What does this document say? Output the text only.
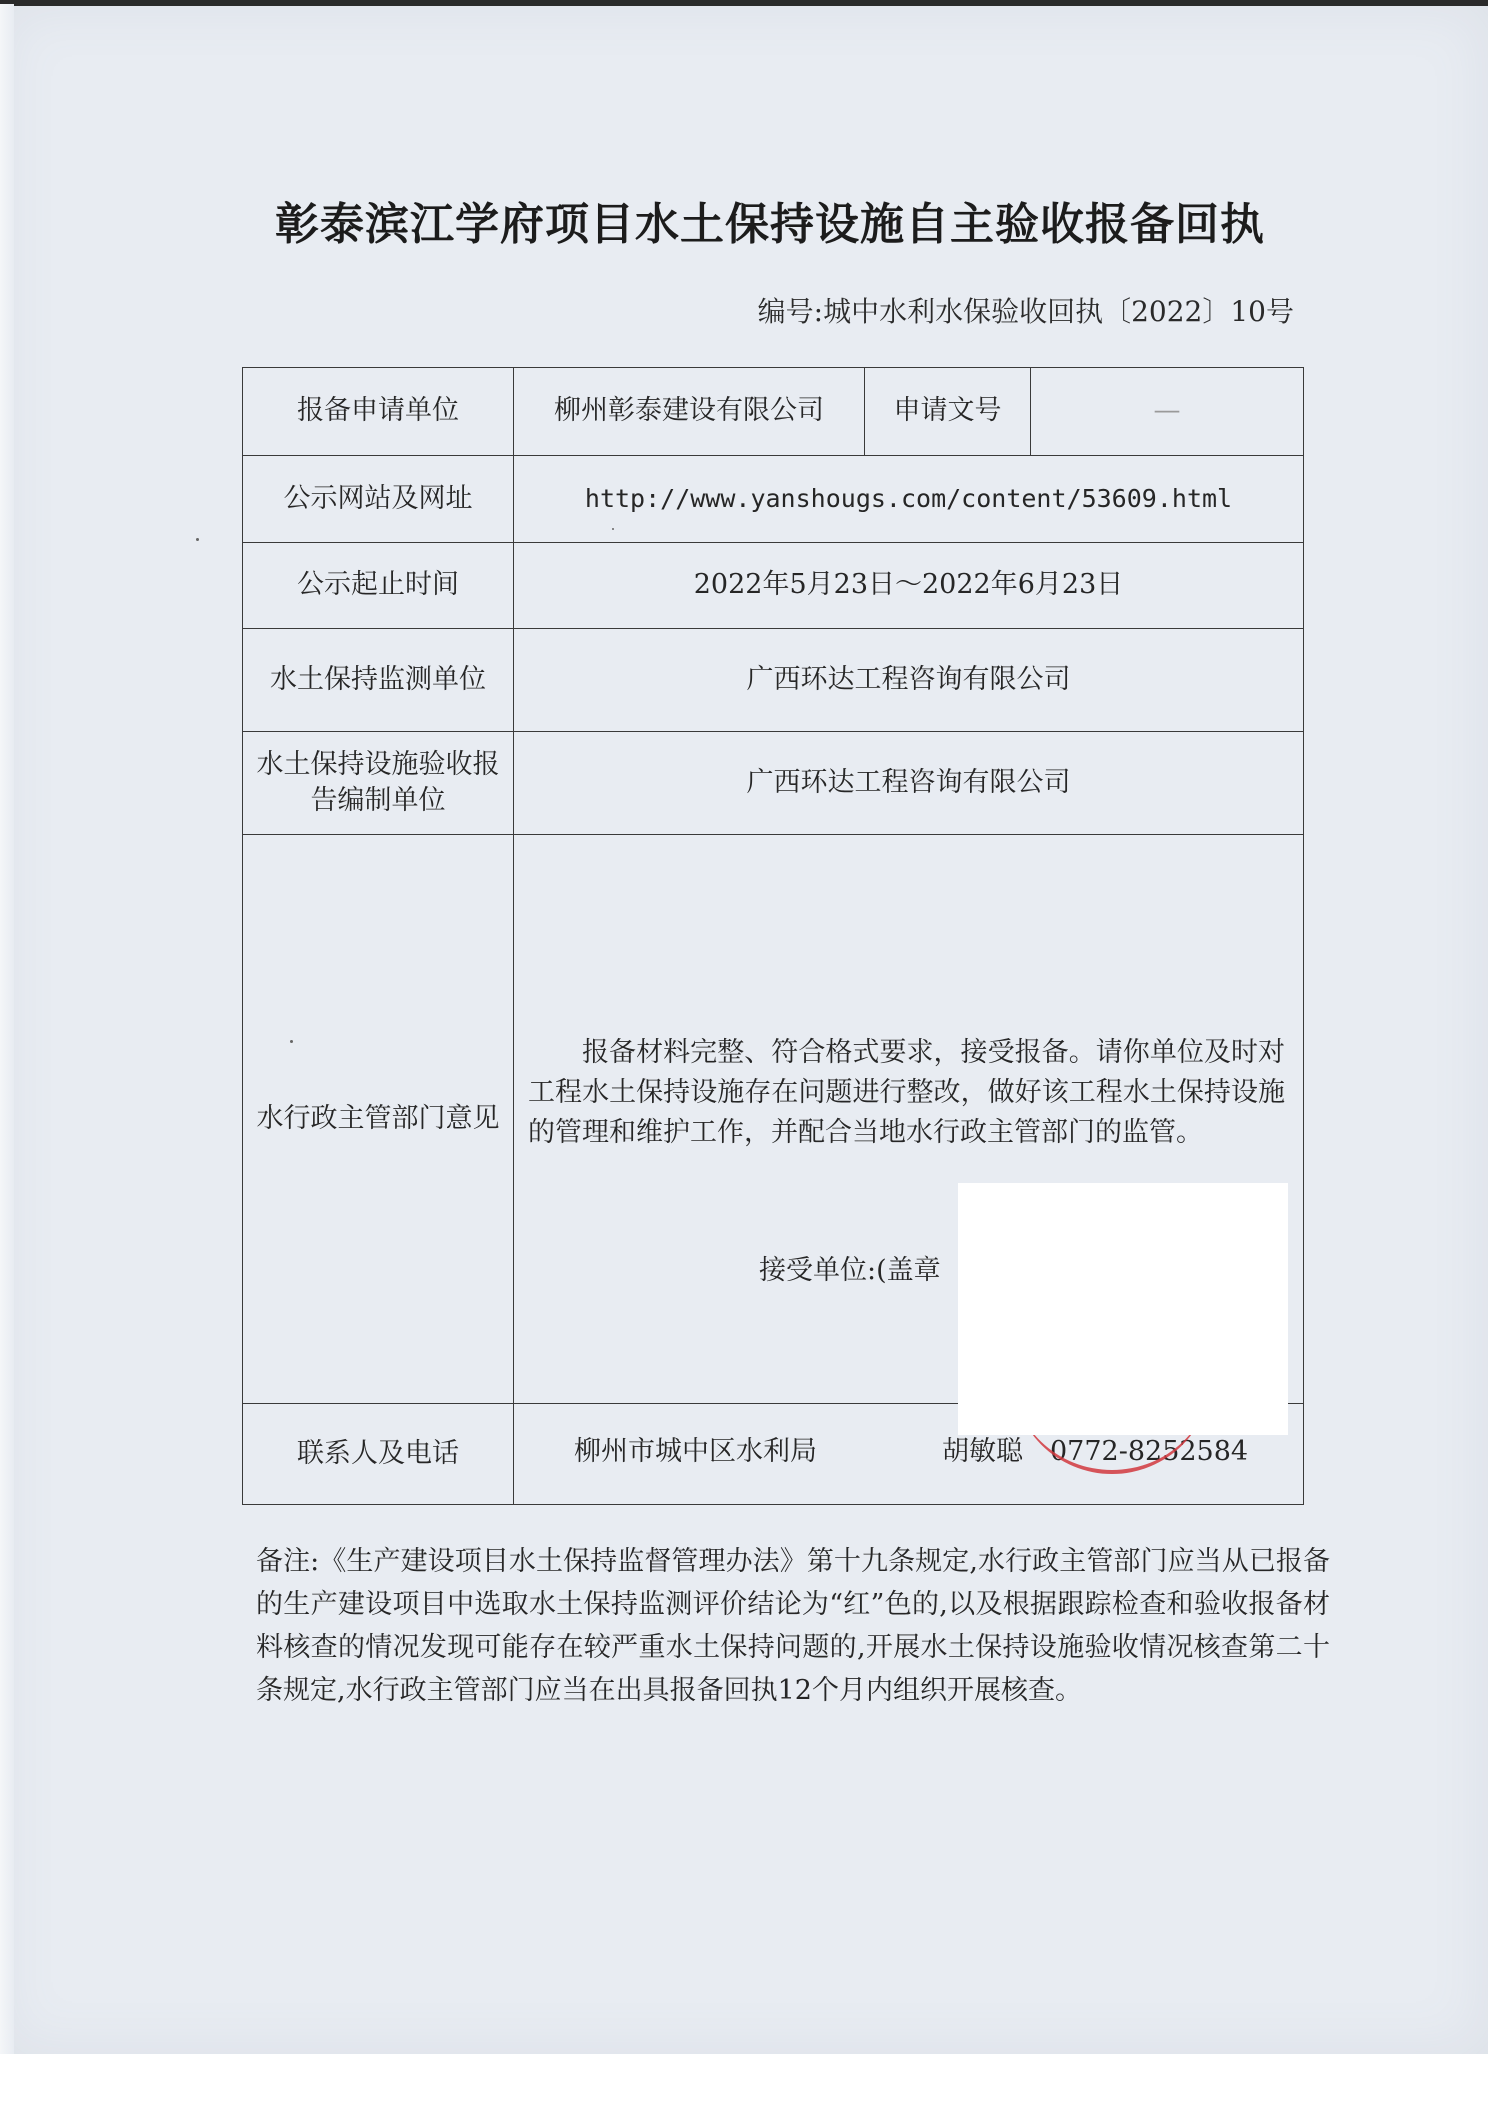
彰泰滨江学府项目水土保持设施自主验收报备回执
编号:城中水利水保验收回执〔2022〕10号
报备申请单位	柳州彰泰建设有限公司	申请文号	—
公示网站及网址	http://www.yanshougs.com/content/53609.html		
公示起止时间	2022年5月23日～2022年6月23日		
水土保持监测单位	广西环达工程咨询有限公司		
水土保持设施验收报告编制单位	广西环达工程咨询有限公司		
水行政主管部门意见	报备材料完整、符合格式要求，接受报备。请你单位及时对工程水土保持设施存在问题进行整改，做好该工程水土保持设施的管理和维护工作，并配合当地水行政主管部门的监管。
接受单位:(盖章		

联系人及电话	柳州市城中区水利局 胡敏聪　0772-8252584		
备注:《生产建设项目水土保持监督管理办法》第十九条规定,水行政主管部门应当从已报备的生产建设项目中选取水土保持监测评价结论为“红”色的,以及根据跟踪检查和验收报备材料核查的情况发现可能存在较严重水土保持问题的,开展水土保持设施验收情况核查第二十条规定,水行政主管部门应当在出具报备回执12个月内组织开展核查。
